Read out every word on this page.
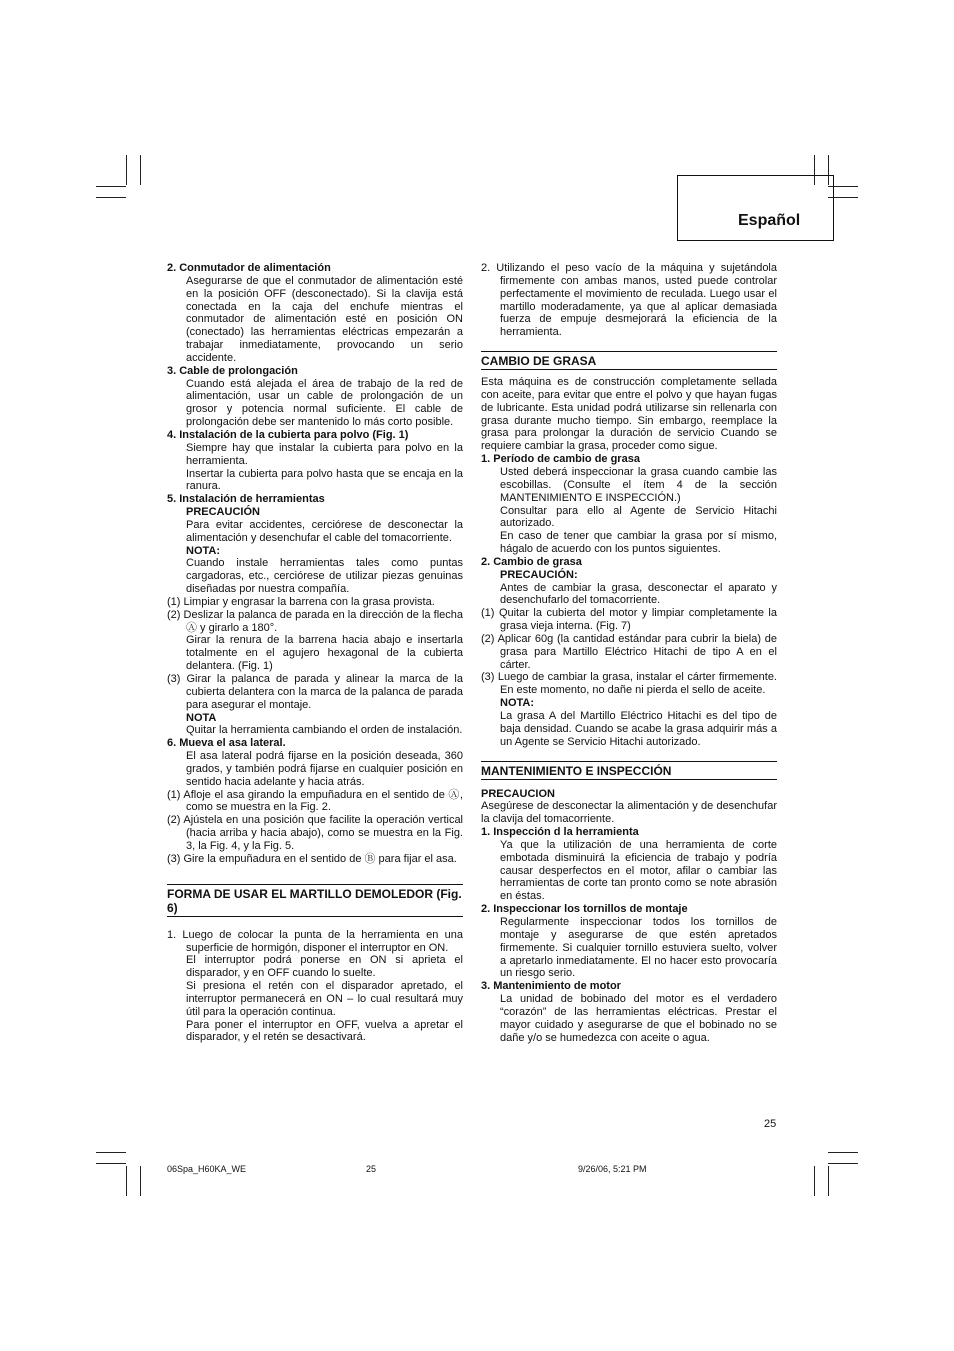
Español

2. Conmutador de alimentación

Asegurarse de que el conmutador de alimentación esté en la posición OFF (desconectado). Si la clavija está conectada en la caja del enchufe mientras el conmutador de alimentación esté en posición ON (conectado) las herramientas eléctricas empezarán a trabajar inmediatamente, provocando un serio accidente.

3. Cable de prolongación

Cuando está alejada el área de trabajo de la red de alimentación, usar un cable de prolongación de un grosor y potencia normal suficiente. El cable de prolongación debe ser mantenido lo más corto posible.

4. Instalación de la cubierta para polvo (Fig. 1)

Siempre hay que instalar la cubierta para polvo en la herramienta.

Insertar la cubierta para polvo hasta que se encaja en la ranura.

5. Instalación de herramientas

PRECAUCIÓN

Para evitar accidentes, cerciórese de desconectar la alimentación y desenchufar el cable del tomacorriente.

NOTA:

Cuando instale herramientas tales como puntas cargadoras, etc., cerciórese de utilizar piezas genuinas diseñadas por nuestra compañía.

(1) Limpiar y engrasar la barrena con la grasa provista.

(2) Deslizar la palanca de parada en la dirección de la flecha Ⓐ y girarlo a 180°.

Girar la renura de la barrena hacia abajo e insertarla totalmente en el agujero hexagonal de la cubierta delantera. (Fig. 1)

(3) Girar la palanca de parada y alinear la marca de la cubierta delantera con la marca de la palanca de parada para asegurar el montaje.

NOTA

Quitar la herramienta cambiando el orden de instalación.

6. Mueva el asa lateral.

El asa lateral podrá fijarse en la posición deseada, 360 grados, y también podrá fijarse en cualquier posición en sentido hacia adelante y hacia atrás.

(1) Afloje el asa girando la empuñadura en el sentido de Ⓐ, como se muestra en la Fig. 2.

(2) Ajústela en una posición que facilite la operación vertical (hacia arriba y hacia abajo), como se muestra en la Fig. 3, la Fig. 4, y la Fig. 5.

(3) Gire la empuñadura en el sentido de Ⓑ para fijar el asa.

FORMA DE USAR EL MARTILLO DEMOLEDOR (Fig. 6)

1. Luego de colocar la punta de la herramienta en una superficie de hormigón, disponer el interruptor en ON.

El interruptor podrá ponerse en ON si aprieta el disparador, y en OFF cuando lo suelte.

Si presiona el retén con el disparador apretado, el interruptor permanecerá en ON – lo cual resultará muy útil para la operación continua.

Para poner el interruptor en OFF, vuelva a apretar el disparador, y el retén se desactivará.

2. Utilizando el peso vacío de la máquina y sujetándola firmemente con ambas manos, usted puede controlar perfectamente el movimiento de reculada. Luego usar el martillo moderadamente, ya que al aplicar demasiada fuerza de empuje desmejorará la eficiencia de la herramienta.

CAMBIO DE GRASA

Esta máquina es de construcción completamente sellada con aceite, para evitar que entre el polvo y que hayan fugas de lubricante. Esta unidad podrá utilizarse sin rellenarla con grasa durante mucho tiempo. Sin embargo, reemplace la grasa para prolongar la duración de servicio Cuando se requiere cambiar la grasa, proceder como sigue.

1. Período de cambio de grasa

Usted deberá inspeccionar la grasa cuando cambie las escobillas. (Consulte el ítem 4 de la sección MANTENIMIENTO E INSPECCIÓN.)

Consultar para ello al Agente de Servicio Hitachi autorizado.

En caso de tener que cambiar la grasa por sí mismo, hágalo de acuerdo con los puntos siguientes.

2. Cambio de grasa

PRECAUCIÓN:

Antes de cambiar la grasa, desconectar el aparato y desenchufarlo del tomacorriente.

(1) Quitar la cubierta del motor y limpiar completamente la grasa vieja interna. (Fig. 7)

(2) Aplicar 60g (la cantidad estándar para cubrir la biela) de grasa para Martillo Eléctrico Hitachi de tipo A en el cárter.

(3) Luego de cambiar la grasa, instalar el cárter firmemente. En este momento, no dañe ni pierda el sello de aceite.

NOTA:

La grasa A del Martillo Eléctrico Hitachi es del tipo de baja densidad. Cuando se acabe la grasa adquirir más a un Agente se Servicio Hitachi autorizado.

MANTENIMIENTO E INSPECCIÓN

PRECAUCION

Asegúrese de desconectar la alimentación y de desenchufar la clavija del tomacorriente.

1. Inspección d la herramienta

Ya que la utilización de una herramienta de corte embotada disminuirá la eficiencia de trabajo y podría causar desperfectos en el motor, afilar o cambiar las herramientas de corte tan pronto como se note abrasión en éstas.

2. Inspeccionar los tornillos de montaje

Regularmente inspeccionar todos los tornillos de montaje y asegurarse de que estén apretados firmemente. Si cualquier tornillo estuviera suelto, volver a apretarlo inmediatamente. El no hacer esto provocaría un riesgo serio.

3. Mantenimiento de motor

La unidad de bobinado del motor es el verdadero “corazón” de las herramientas eléctricas. Prestar el mayor cuidado y asegurarse de que el bobinado no se dañe y/o se humedezca con aceite o agua.

25
06Spa_H60KA_WE	25	9/26/06, 5:21 PM
